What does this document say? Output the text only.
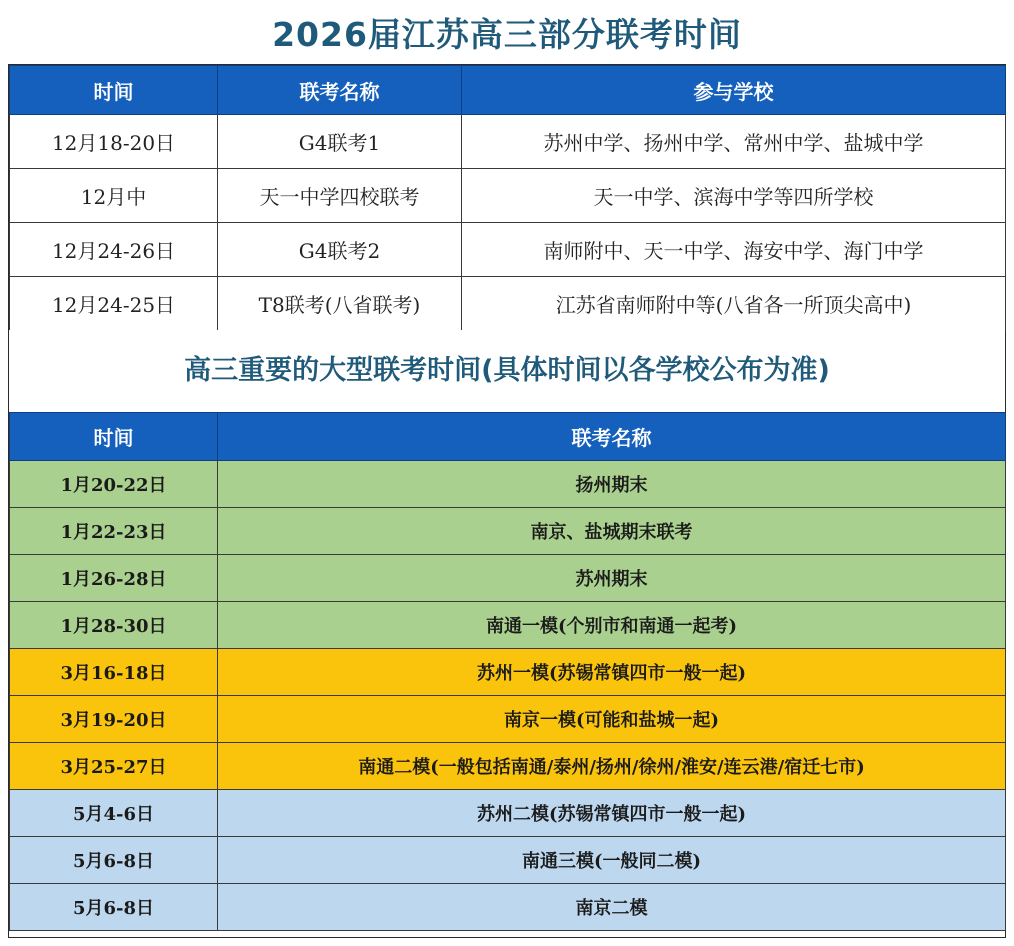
2026届江苏高三部分联考时间
时间	联考名称	参与学校
12月18-20日	G4联考1	苏州中学、扬州中学、常州中学、盐城中学
12月中	天一中学四校联考	天一中学、滨海中学等四所学校
12月24-26日	G4联考2	南师附中、天一中学、海安中学、海门中学
12月24-25日	T8联考(八省联考)	江苏省南师附中等(八省各一所顶尖高中)
高三重要的大型联考时间(具体时间以各学校公布为准)
时间	联考名称
1月20-22日	扬州期末
1月22-23日	南京、盐城期末联考
1月26-28日	苏州期末
1月28-30日	南通一模(个别市和南通一起考)
3月16-18日	苏州一模(苏锡常镇四市一般一起)
3月19-20日	南京一模(可能和盐城一起)
3月25-27日	南通二模(一般包括南通/泰州/扬州/徐州/淮安/连云港/宿迁七市)
5月4-6日	苏州二模(苏锡常镇四市一般一起)
5月6-8日	南通三模(一般同二模)
5月6-8日	南京二模
